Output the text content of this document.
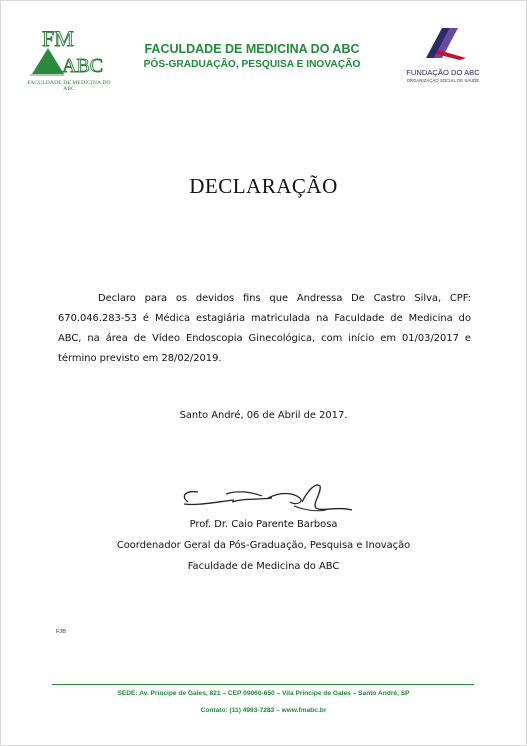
FM
ABC
FACULDADE DE MEDICINA DO ABC
FACULDADE DE MEDICINA DO ABC
PÓS-GRADUAÇÃO, PESQUISA E INOVAÇÃO
FUNDAÇÃO DO ABC
ORGANIZAÇÃO SOCIAL DE SAÚDE
DECLARAÇÃO

Declaro para os devidos fins que Andressa De Castro Silva, CPF: 670.046.283-53 é Médica estagiária matriculada na Faculdade de Medicina do ABC, na área de Vídeo Endoscopia Ginecológica, com início em 01/03/2017 e término previsto em 28/02/2019.

Santo André, 06 de Abril de 2017.
Prof. Dr. Caio Parente Barbosa
Coordenador Geral da Pós-Graduação, Pesquisa e Inovação
Faculdade de Medicina do ABC
FJB
SEDE: Av. Príncipe de Gales, 821 – CEP 09060-650 – Vila Príncipe de Gales – Santo André, SP
Contato: (11) 4993-7283 – www.fmabc.br
